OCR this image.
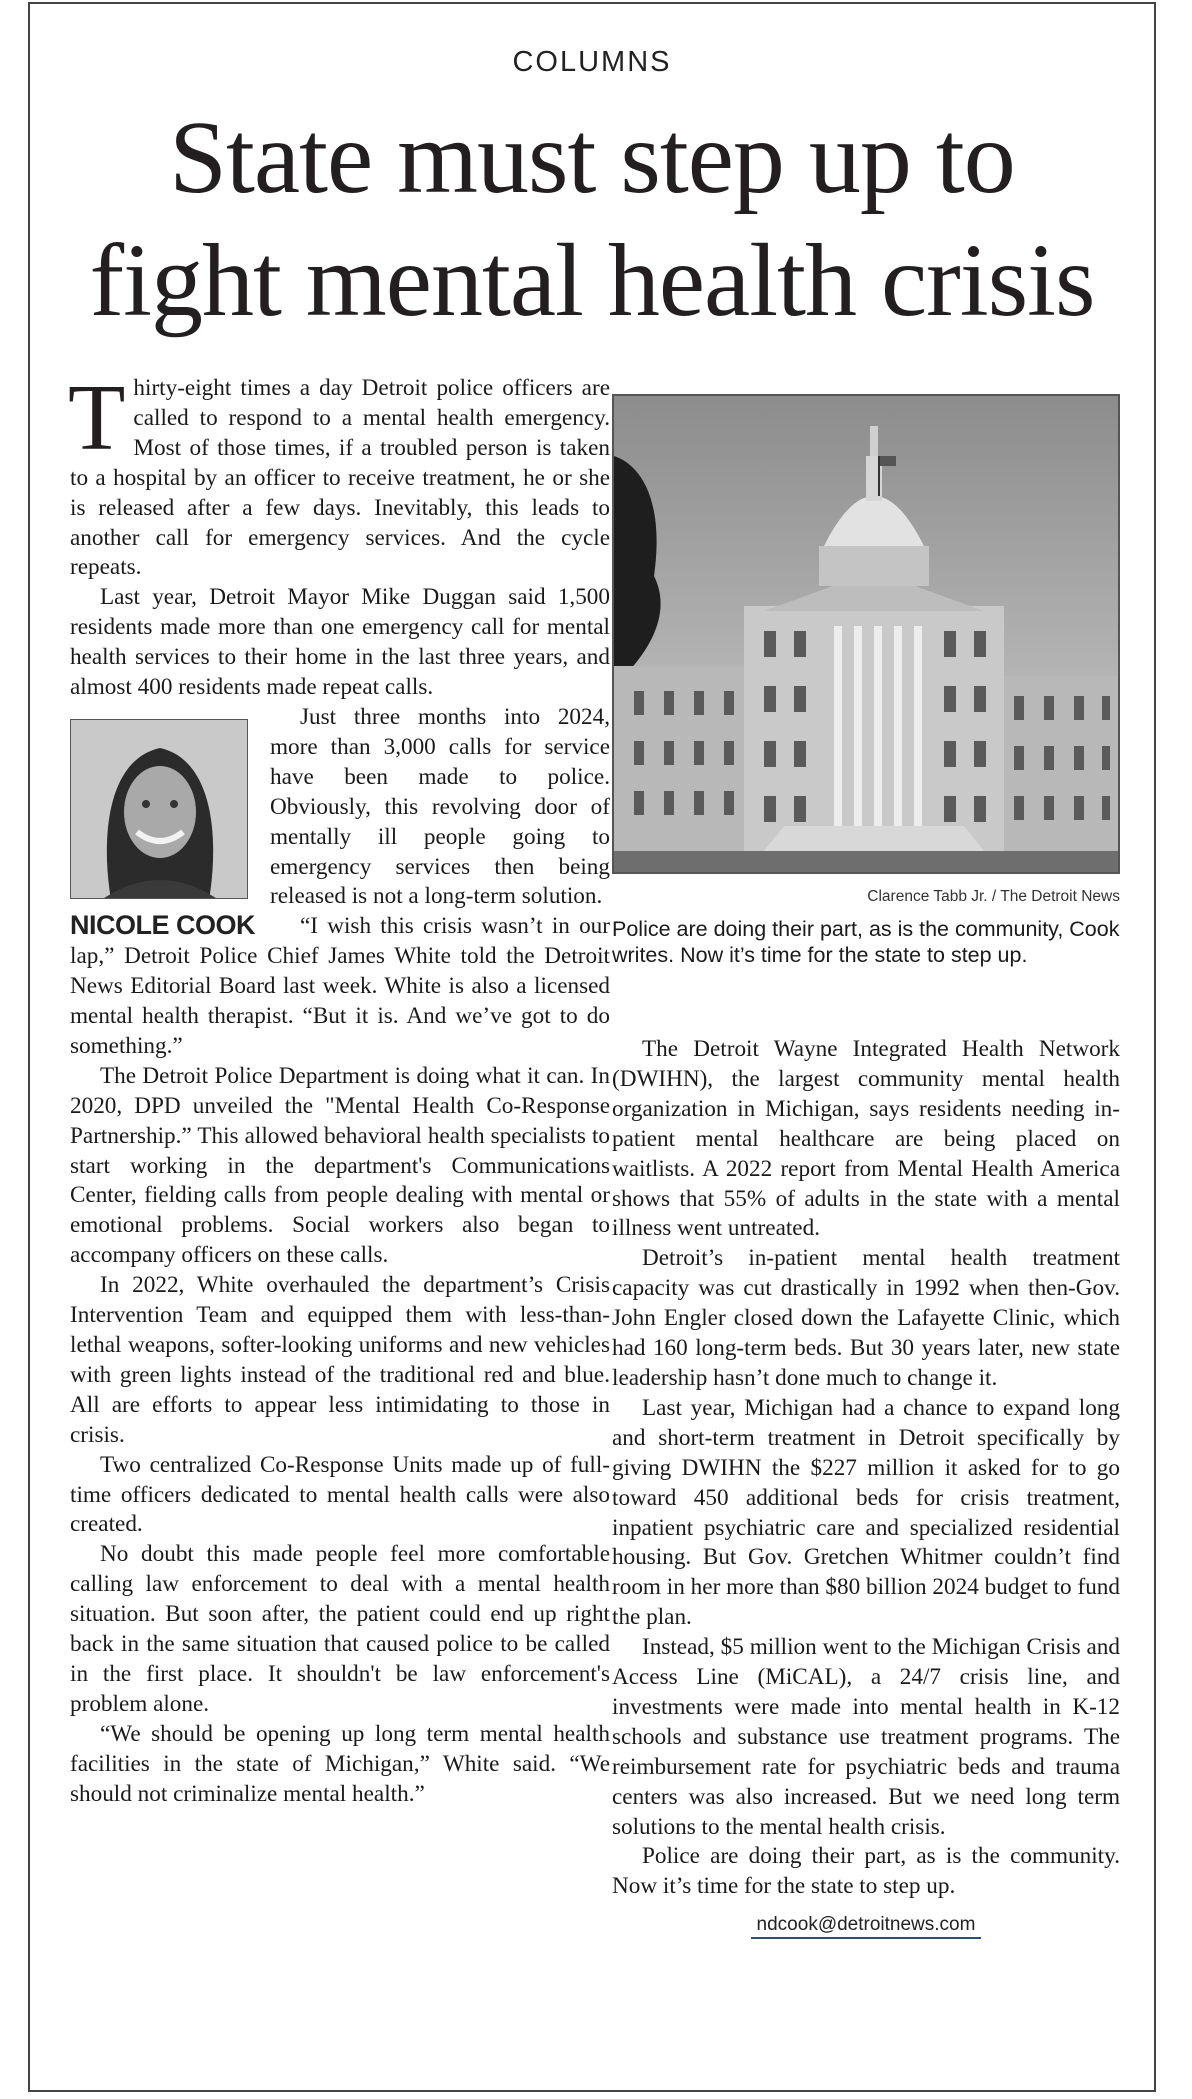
COLUMNS
State must step up to
fight mental health crisis

Thirty-eight times a day Detroit police officers are called to respond to a mental health emergency. Most of those times, if a troubled person is taken to a hospital by an officer to receive treatment, he or she is released after a few days. Inevitably, this leads to another call for emergency services. And the cycle repeats.

Last year, Detroit Mayor Mike Duggan said 1,500 residents made more than one emergency call for mental health services to their home in the last three years, and almost 400 residents made repeat calls.

NICOLE COOK

Just three months into 2024, more than 3,000 calls for service have been made to police. Obviously, this revolving door of mentally ill people going to emergency services then being released is not a long-term solution.

“I wish this crisis wasn’t in our lap,” Detroit Police Chief James White told the Detroit News Editorial Board last week. White is also a licensed mental health therapist. “But it is. And we’ve got to do something.”

The Detroit Police Department is doing what it can. In 2020, DPD unveiled the "Mental Health Co-Response Partnership.” This allowed behavioral health specialists to start working in the department's Communications Center, fielding calls from people dealing with mental or emotional problems. Social workers also began to accompany officers on these calls.

In 2022, White overhauled the department’s Crisis Intervention Team and equipped them with less-than-lethal weapons, softer-looking uniforms and new vehicles with green lights instead of the traditional red and blue. All are efforts to appear less intimidating to those in crisis.

Two centralized Co-Response Units made up of full-time officers dedicated to mental health calls were also created.

No doubt this made people feel more comfortable calling law enforcement to deal with a mental health situation. But soon after, the patient could end up right back in the same situation that caused police to be called in the first place. It shouldn't be law enforcement's problem alone.

“We should be opening up long term mental health facilities in the state of Michigan,” White said. “We should not criminalize mental health.”

Clarence Tabb Jr. / The Detroit News
Police are doing their part, as is the community, Cook writes. Now it’s time for the state to step up.

The Detroit Wayne Integrated Health Network (DWIHN), the largest community mental health organization in Michigan, says residents needing in-patient mental healthcare are being placed on waitlists. A 2022 report from Mental Health America shows that 55% of adults in the state with a mental illness went untreated.

Detroit’s in-patient mental health treatment capacity was cut drastically in 1992 when then-Gov. John Engler closed down the Lafayette Clinic, which had 160 long-term beds. But 30 years later, new state leadership hasn’t done much to change it.

Last year, Michigan had a chance to expand long and short-term treatment in Detroit specifically by giving DWIHN the $227 million it asked for to go toward 450 additional beds for crisis treatment, inpatient psychiatric care and specialized residential housing. But Gov. Gretchen Whitmer couldn’t find room in her more than $80 billion 2024 budget to fund the plan.

Instead, $5 million went to the Michigan Crisis and Access Line (MiCAL), a 24/7 crisis line, and investments were made into mental health in K-12 schools and substance use treatment programs. The reimbursement rate for psychiatric beds and trauma centers was also increased. But we need long term solutions to the mental health crisis.

Police are doing their part, as is the community. Now it’s time for the state to step up.

ndcook@detroitnews.com
